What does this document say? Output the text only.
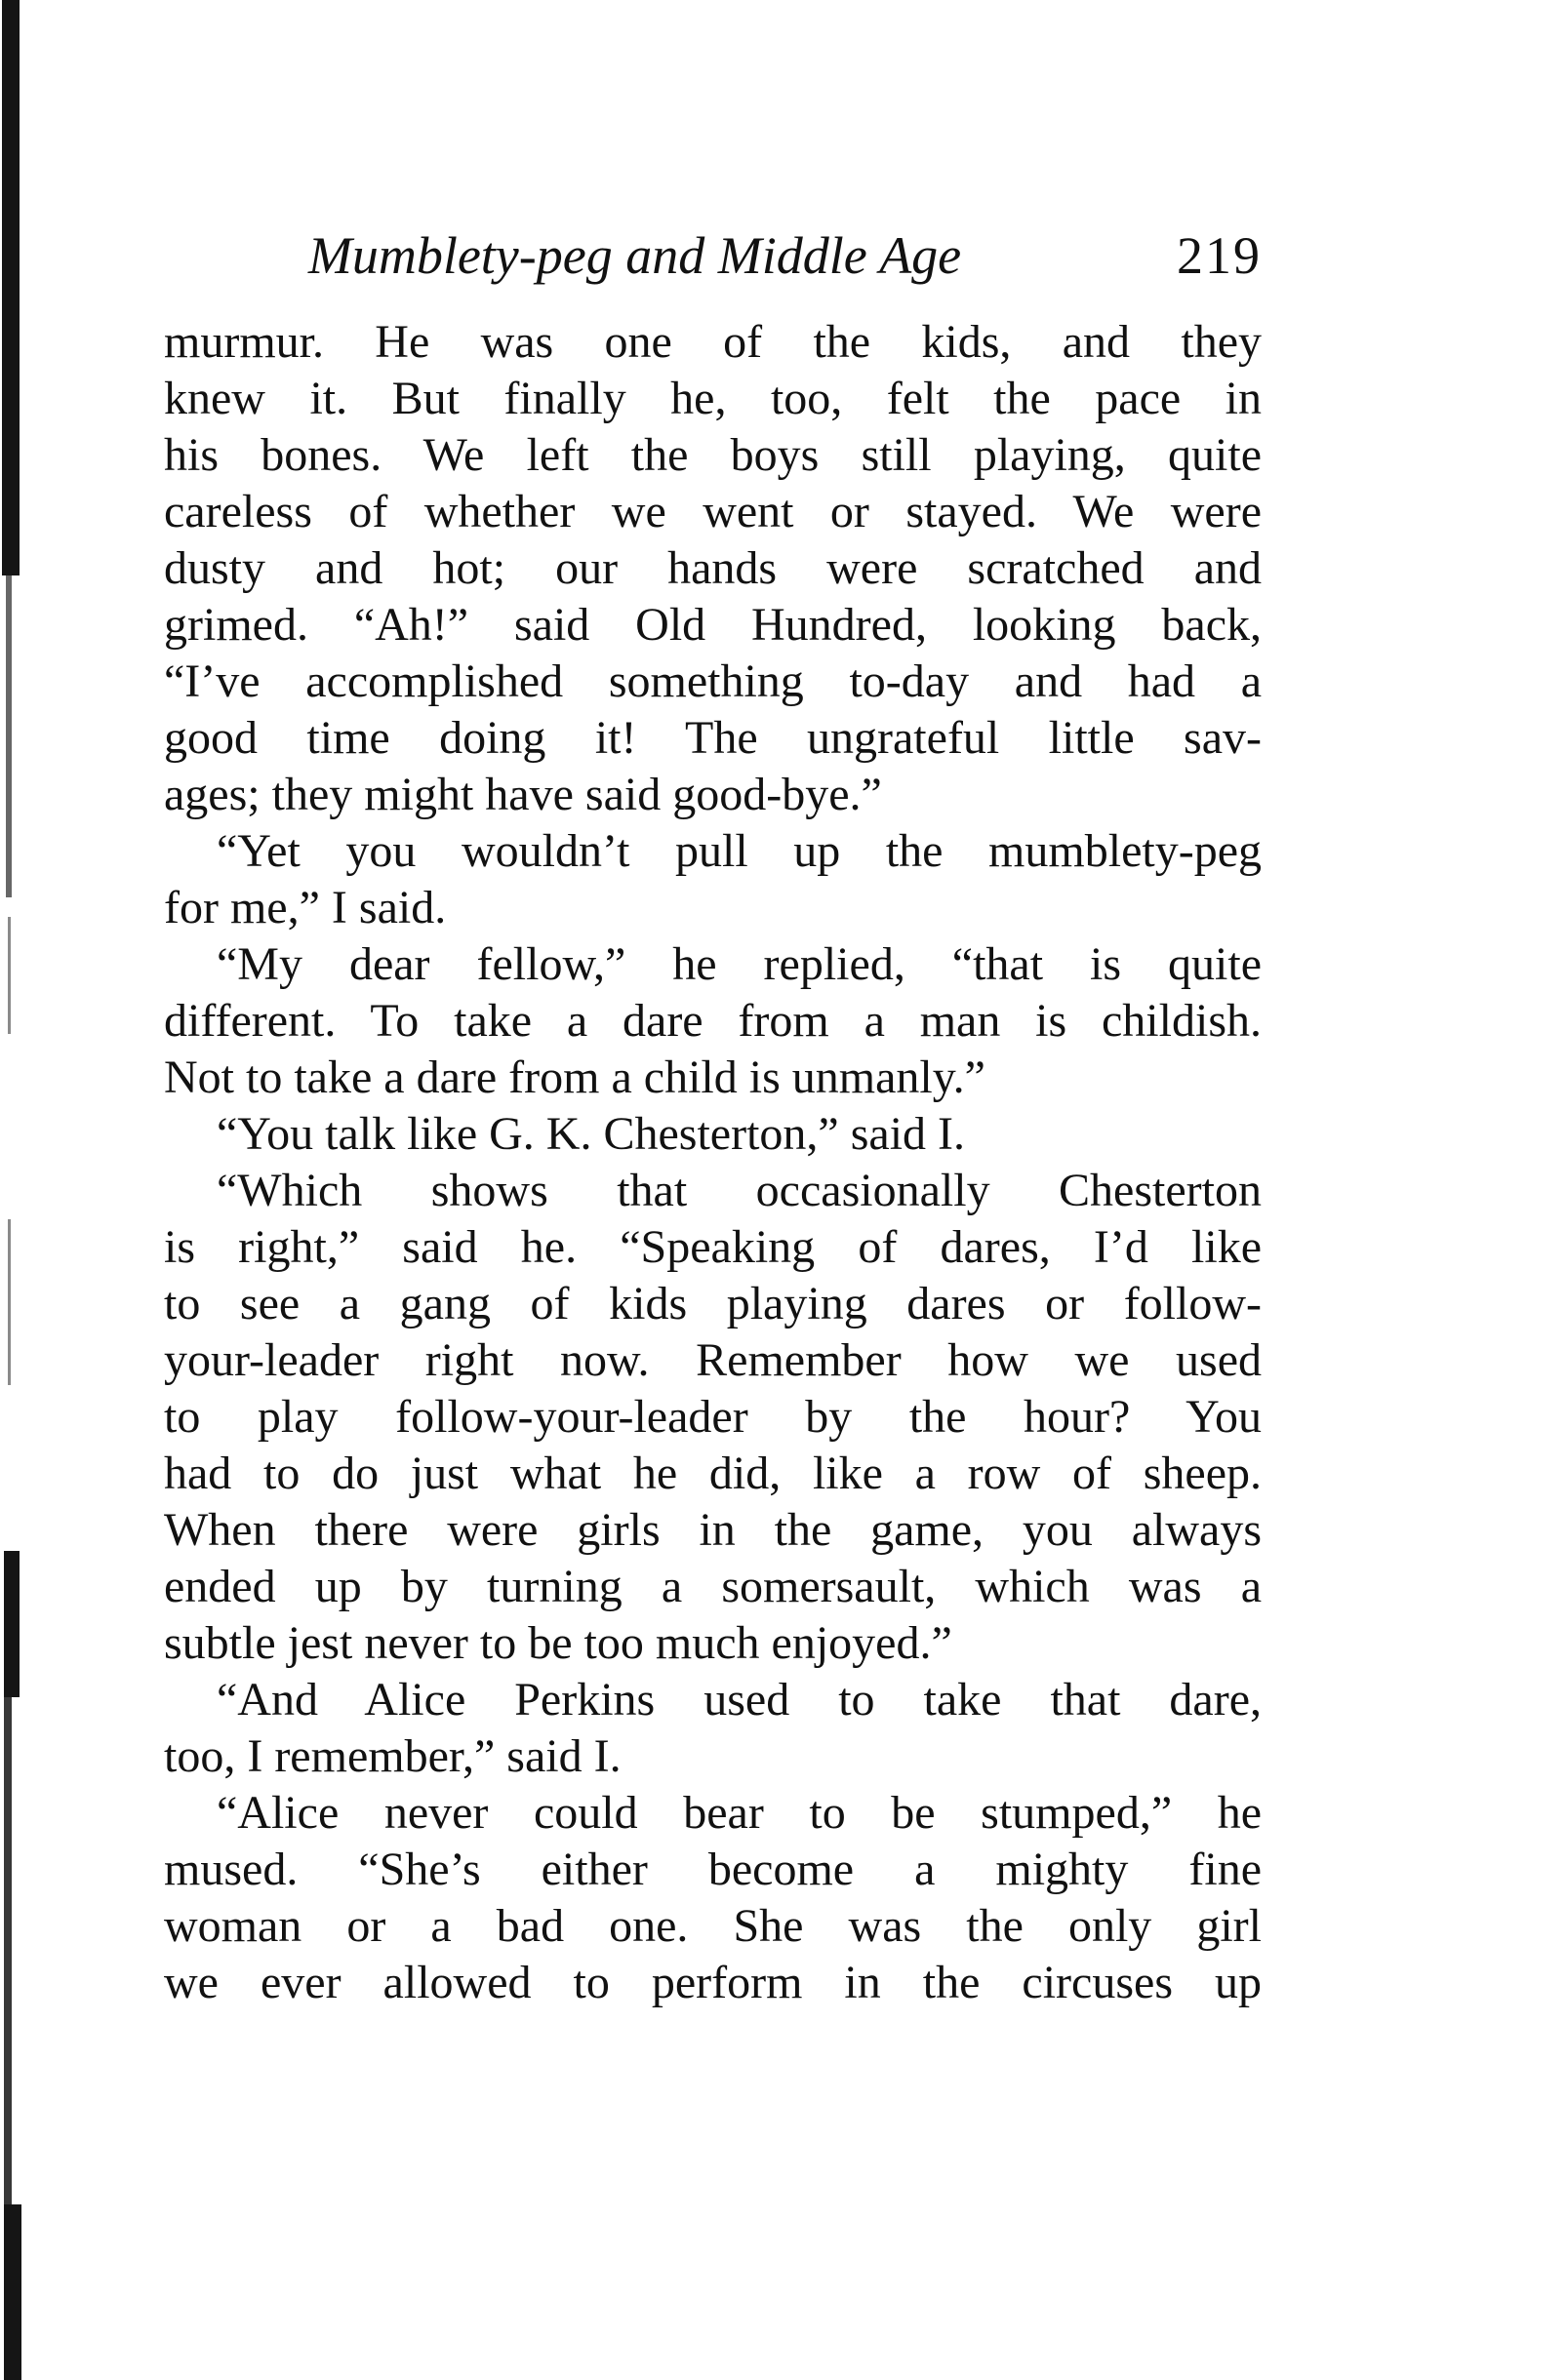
Mumblety-peg and Middle Age	219
murmur. He was one of the kids, and they
knew it. But finally he, too, felt the pace in
his bones. We left the boys still playing, quite
careless of whether we went or stayed. We were
dusty and hot; our hands were scratched and
grimed. “Ah!” said Old Hundred, looking back,
“I’ve accomplished something to-day and had a
good time doing it! The ungrateful little sav-
ages; they might have said good-bye.”
“Yet you wouldn’t pull up the mumblety-peg
for me,” I said.
“My dear fellow,” he replied, “that is quite
different. To take a dare from a man is childish.
Not to take a dare from a child is unmanly.”
“You talk like G. K. Chesterton,” said I.
“Which shows that occasionally Chesterton
is right,” said he. “Speaking of dares, I’d like
to see a gang of kids playing dares or follow-
your-leader right now. Remember how we used
to play follow-your-leader by the hour? You
had to do just what he did, like a row of sheep.
When there were girls in the game, you always
ended up by turning a somersault, which was a
subtle jest never to be too much enjoyed.”
“And Alice Perkins used to take that dare,
too, I remember,” said I.
“Alice never could bear to be stumped,” he
mused. “She’s either become a mighty fine
woman or a bad one. She was the only girl
we ever allowed to perform in the circuses up
